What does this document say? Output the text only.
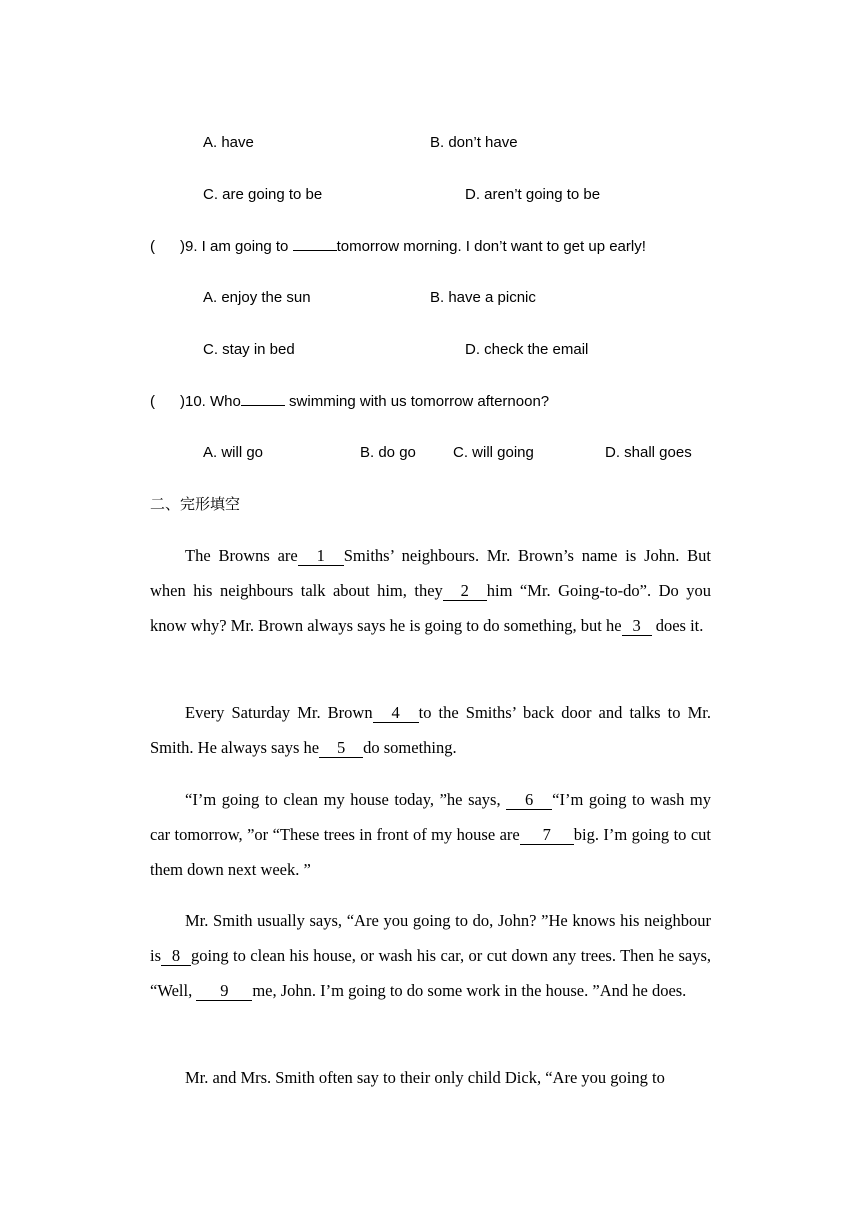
A. have	B. don’t have
C. are going to be	D. aren’t going to be
(      )9. I am going to	tomorrow morning. I don’t want to get up early!
A. enjoy the sun	B. have a picnic
C. stay in bed	D. check the email
(      )10. Who	swimming with us tomorrow afternoon?
A. will go	B. do go C. will going	D. shall goes
二、完形填空
The Browns are 1 Smiths’ neighbours. Mr. Brown’s name is John. But when his neighbours talk about him, they 2 him “Mr. Going-to-do”. Do you know why? Mr. Brown always says he is going to do something, but he 3 does it.
Every Saturday Mr. Brown 4 to the Smiths’ back door and talks to Mr. Smith. He always says he 5 do something.
“I’m going to clean my house today, ”he says, 6 “I’m going to wash my car tomorrow, ”or “These trees in front of my house are 7 big. I’m going to cut them down next week. ”
Mr. Smith usually says, “Are you going to do, John? ”He knows his neighbour is 8 going to clean his house, or wash his car, or cut down any trees. Then he says, “Well, 9 me, John. I’m going to do some work in the house. ”And he does.
Mr. and Mrs. Smith often say to their only child Dick, “Are you going to
